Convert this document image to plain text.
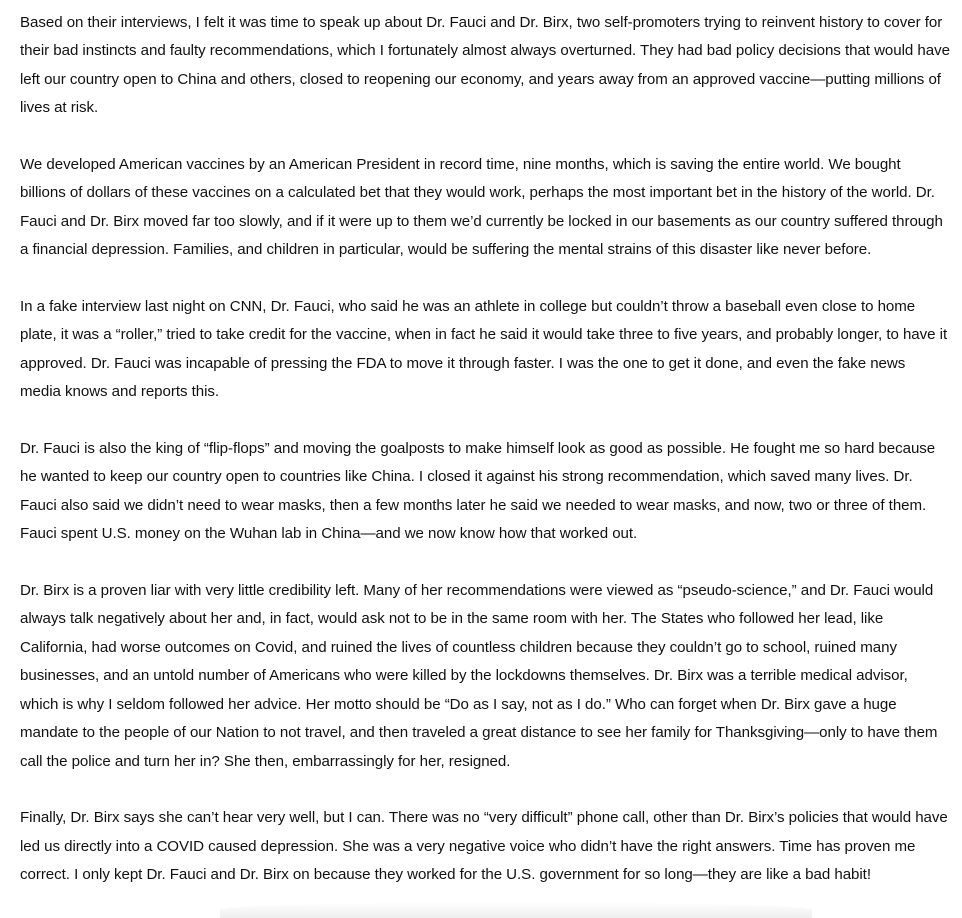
Based on their interviews, I felt it was time to speak up about Dr. Fauci and Dr. Birx, two self-promoters trying to reinvent history to cover for their bad instincts and faulty recommendations, which I fortunately almost always overturned. They had bad policy decisions that would have left our country open to China and others, closed to reopening our economy, and years away from an approved vaccine—putting millions of lives at risk.

We developed American vaccines by an American President in record time, nine months, which is saving the entire world. We bought billions of dollars of these vaccines on a calculated bet that they would work, perhaps the most important bet in the history of the world. Dr. Fauci and Dr. Birx moved far too slowly, and if it were up to them we’d currently be locked in our basements as our country suffered through a financial depression. Families, and children in particular, would be suffering the mental strains of this disaster like never before.

In a fake interview last night on CNN, Dr. Fauci, who said he was an athlete in college but couldn’t throw a baseball even close to home plate, it was a “roller,” tried to take credit for the vaccine, when in fact he said it would take three to five years, and probably longer, to have it approved. Dr. Fauci was incapable of pressing the FDA to move it through faster. I was the one to get it done, and even the fake news media knows and reports this.

Dr. Fauci is also the king of “flip-flops” and moving the goalposts to make himself look as good as possible. He fought me so hard because he wanted to keep our country open to countries like China. I closed it against his strong recommendation, which saved many lives. Dr. Fauci also said we didn’t need to wear masks, then a few months later he said we needed to wear masks, and now, two or three of them. Fauci spent U.S. money on the Wuhan lab in China—and we now know how that worked out.

Dr. Birx is a proven liar with very little credibility left. Many of her recommendations were viewed as “pseudo-science,” and Dr. Fauci would always talk negatively about her and, in fact, would ask not to be in the same room with her. The States who followed her lead, like California, had worse outcomes on Covid, and ruined the lives of countless children because they couldn’t go to school, ruined many businesses, and an untold number of Americans who were killed by the lockdowns themselves. Dr. Birx was a terrible medical advisor, which is why I seldom followed her advice. Her motto should be “Do as I say, not as I do.” Who can forget when Dr. Birx gave a huge mandate to the people of our Nation to not travel, and then traveled a great distance to see her family for Thanksgiving—only to have them call the police and turn her in? She then, embarrassingly for her, resigned.

Finally, Dr. Birx says she can’t hear very well, but I can. There was no “very difficult” phone call, other than Dr. Birx’s policies that would have led us directly into a COVID caused depression. She was a very negative voice who didn’t have the right answers. Time has proven me correct. I only kept Dr. Fauci and Dr. Birx on because they worked for the U.S. government for so long—they are like a bad habit!
